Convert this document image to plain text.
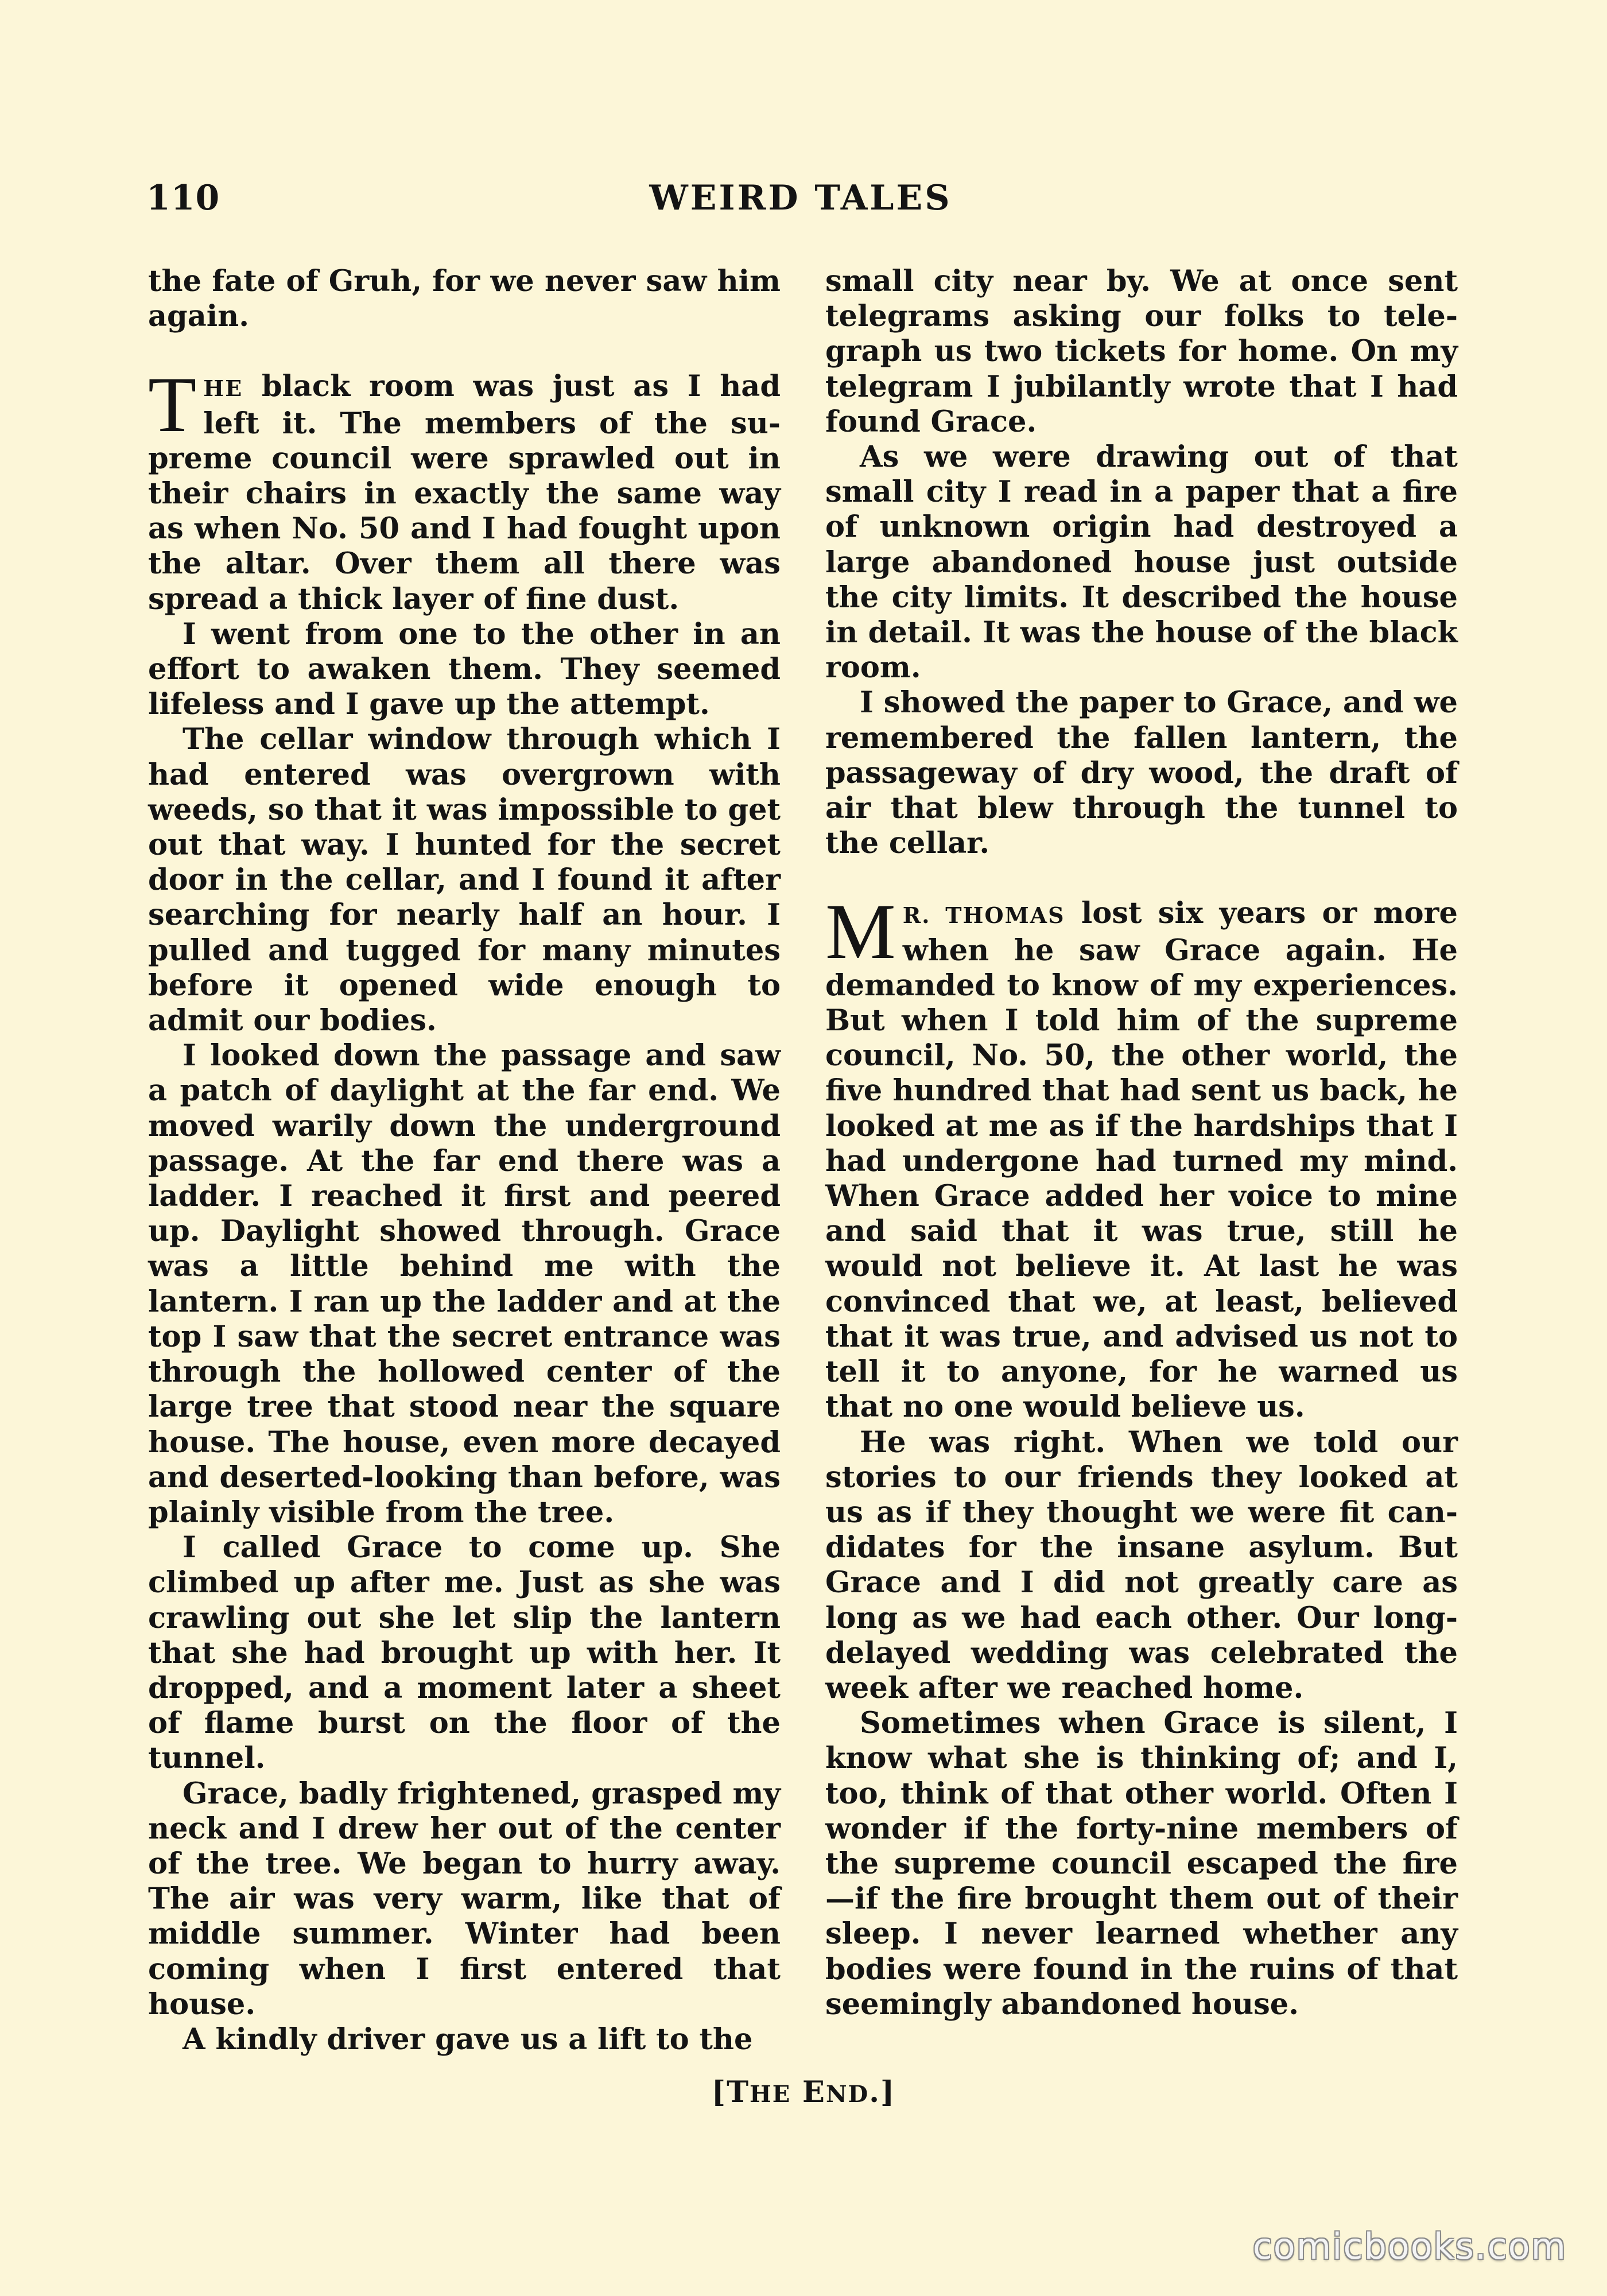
110	WEIRD TALES

the fate of Gruh, for we never saw him again.

THE black room was just as I had left it. The members of the supreme council were sprawled out in their chairs in exactly the same way as when No. 50 and I had fought upon the altar. Over them all there was spread a thick layer of fine dust.

I went from one to the other in an effort to awaken them. They seemed lifeless and I gave up the attempt.

The cellar window through which I had entered was overgrown with weeds, so that it was impossible to get out that way. I hunted for the secret door in the cellar, and I found it after searching for nearly half an hour. I pulled and tugged for many minutes before it opened wide enough to admit our bodies.

I looked down the passage and saw a patch of daylight at the far end. We moved warily down the underground passage. At the far end there was a ladder. I reached it first and peered up. Daylight showed through. Grace was a little behind me with the lantern. I ran up the ladder and at the top I saw that the secret entrance was through the hollowed center of the large tree that stood near the square house. The house, even more decayed and deserted-looking than before, was plainly visible from the tree.

I called Grace to come up. She climbed up after me. Just as she was crawling out she let slip the lantern that she had brought up with her. It dropped, and a moment later a sheet of flame burst on the floor of the tunnel.

Grace, badly frightened, grasped my neck and I drew her out of the center of the tree. We began to hurry away. The air was very warm, like that of middle summer. Winter had been coming when I first entered that house.

A kindly driver gave us a lift to the

small city near by. We at once sent telegrams asking our folks to telegraph us two tickets for home. On my telegram I jubilantly wrote that I had found Grace.

As we were drawing out of that small city I read in a paper that a fire of unknown origin had destroyed a large abandoned house just outside the city limits. It described the house in detail. It was the house of the black room.

I showed the paper to Grace, and we remembered the fallen lantern, the passageway of dry wood, the draft of air that blew through the tunnel to the cellar.

M R. THOMAS lost six years or more when he saw Grace again. He demanded to know of my experiences. But when I told him of the supreme council, No. 50, the other world, the five hundred that had sent us back, he looked at me as if the hardships that I had undergone had turned my mind. When Grace added her voice to mine and said that it was true, still he would not believe it. At last he was convinced that we, at least, believed that it was true, and advised us not to tell it to anyone, for he warned us that no one would believe us.

He was right. When we told our stories to our friends they looked at us as if they thought we were fit candidates for the insane asylum. But Grace and I did not greatly care as long as we had each other. Our long-delayed wedding was celebrated the week after we reached home.

Sometimes when Grace is silent, I know what she is thinking of; and I, too, think of that other world. Often I wonder if the forty-nine members of the supreme council escaped the fire —if the fire brought them out of their sleep. I never learned whether any bodies were found in the ruins of that seemingly abandoned house.

[THE END.]
comicbooks.com
